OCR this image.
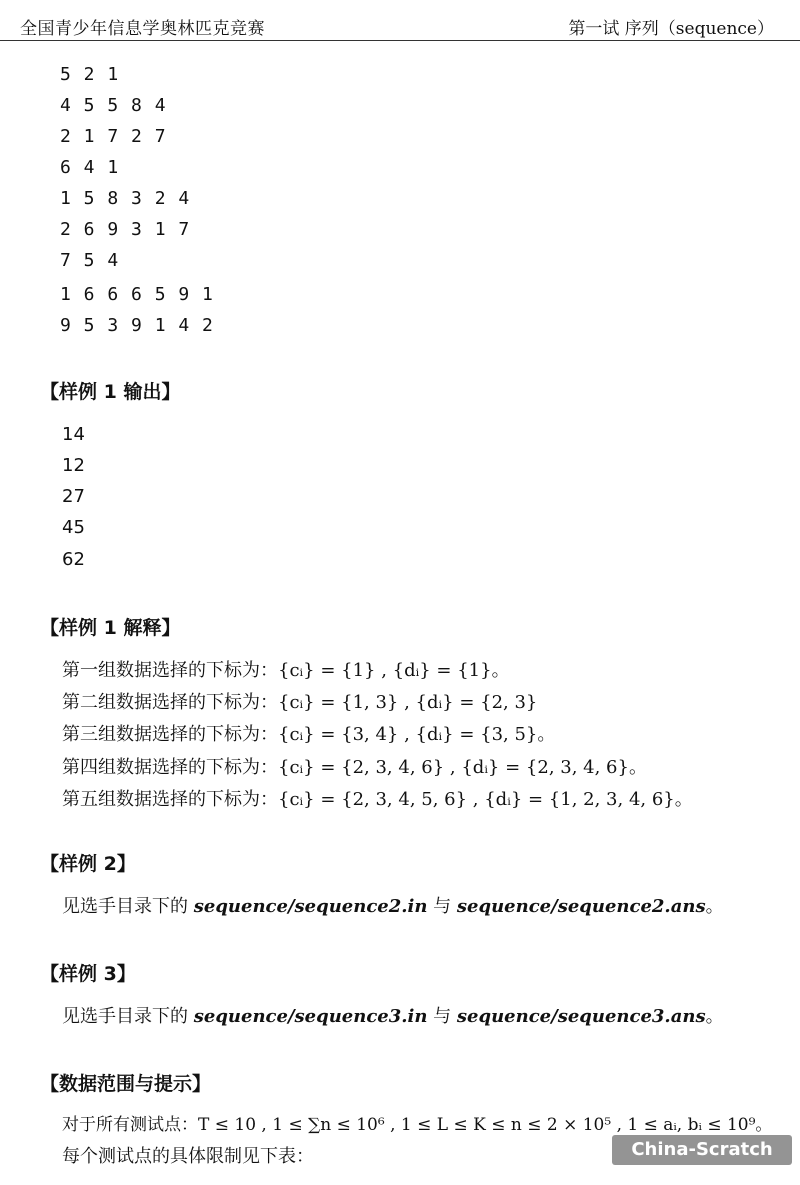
全国青少年信息学奥林匹克竞赛	第一试 序列（sequence）
5 2 1
4 5 5 8 4
2 1 7 2 7
6 4 1
1 5 8 3 2 4
2 6 9 3 1 7
7 5 4
1 6 6 6 5 9 1
9 5 3 9 1 4 2
【样例 1 输出】
14
12
27
45
62
【样例 1 解释】
第一组数据选择的下标为：{cᵢ} = {1} , {dᵢ} = {1}。
第二组数据选择的下标为：{cᵢ} = {1, 3} , {dᵢ} = {2, 3}
第三组数据选择的下标为：{cᵢ} = {3, 4} , {dᵢ} = {3, 5}。
第四组数据选择的下标为：{cᵢ} = {2, 3, 4, 6} , {dᵢ} = {2, 3, 4, 6}。
第五组数据选择的下标为：{cᵢ} = {2, 3, 4, 5, 6} , {dᵢ} = {1, 2, 3, 4, 6}。
【样例 2】
见选手目录下的 sequence/sequence2.in 与 sequence/sequence2.ans。
【样例 3】
见选手目录下的 sequence/sequence3.in 与 sequence/sequence3.ans。
【数据范围与提示】
对于所有测试点：T ≤ 10 , 1 ≤ ∑n ≤ 10⁶ , 1 ≤ L ≤ K ≤ n ≤ 2 × 10⁵ , 1 ≤ aᵢ, bᵢ ≤ 10⁹。
每个测试点的具体限制见下表：	China-Scratch
